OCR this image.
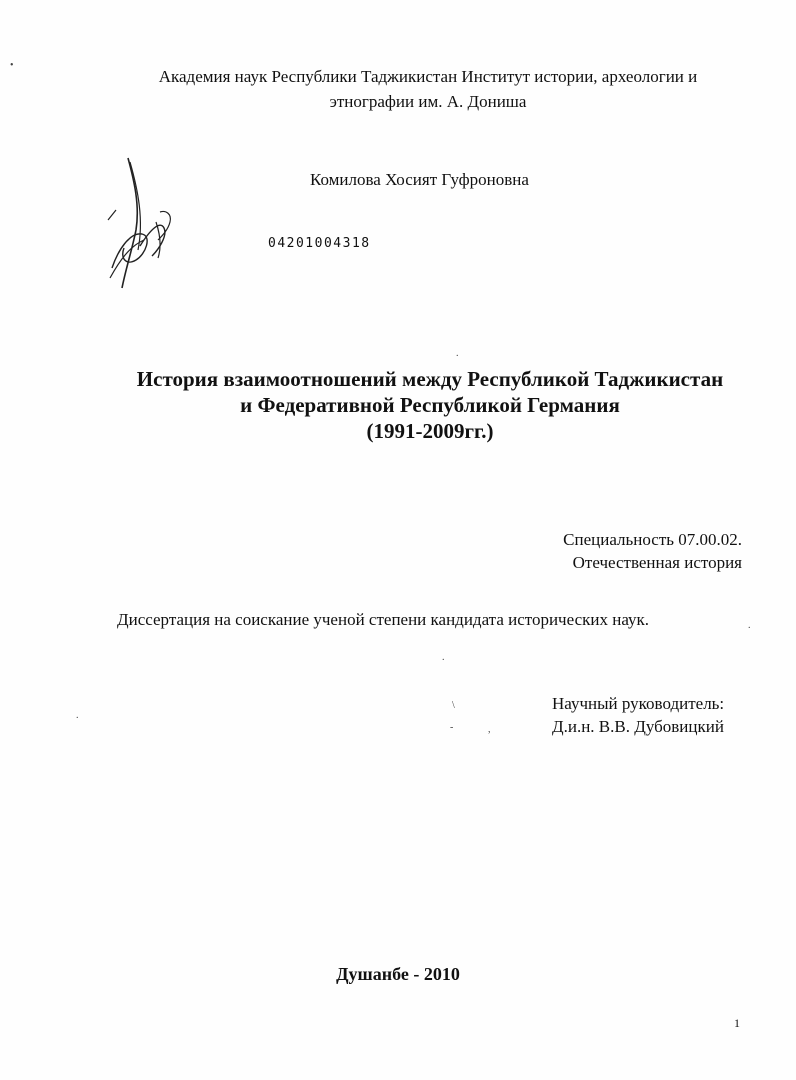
•
Академия наук Республики Таджикистан Институт истории, археологии и
этнографии им. А. Дониша
Комилова Хосият Гуфроновна
04201004318
.
История взаимоотношений между Республикой Таджикистан
и Федеративной Республикой Германия
(1991-2009гг.)
Специальность 07.00.02.
Отечественная история
Диссертация на соискание ученой степени кандидата исторических наук.	.
.
\
.
-	,
Научный руководитель:
Д.и.н. В.В. Дубовицкий
Душанбе - 2010
1
